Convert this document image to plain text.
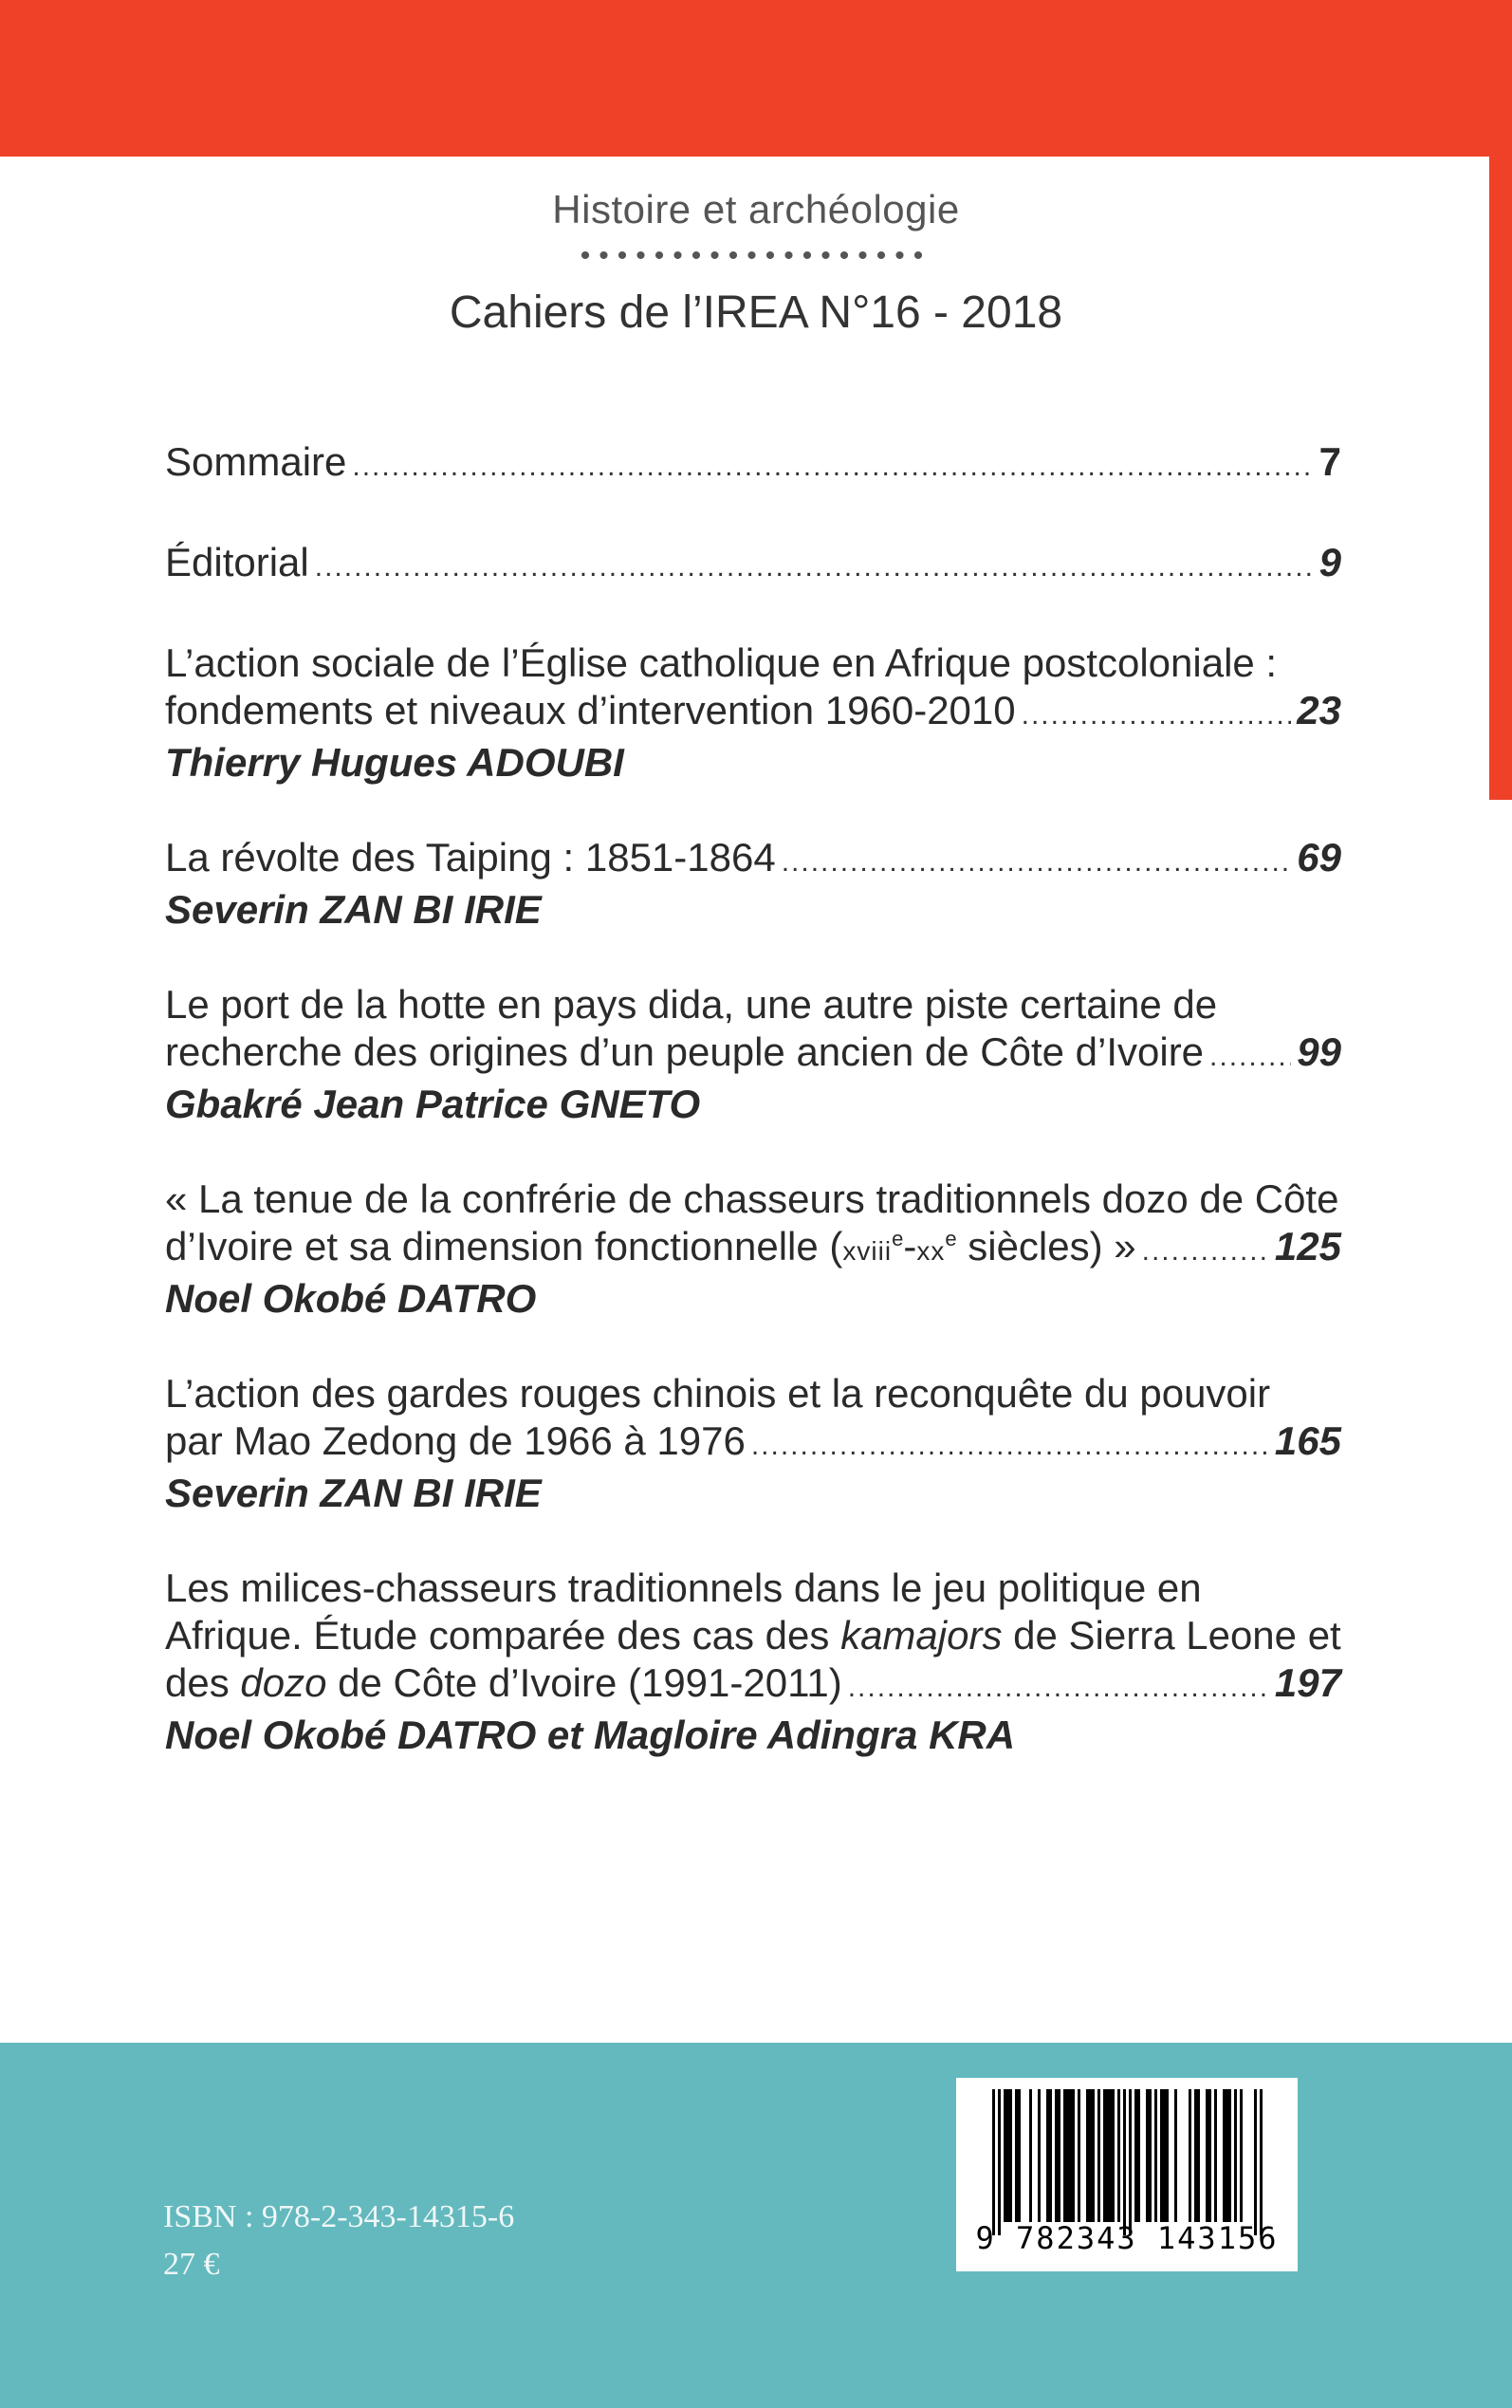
Histoire et archéologie
•••••••••••••••••••
Cahiers de l’IREA N°16 - 2018
Sommaire .....	7
Éditorial .....	9
L’action sociale de l’Église catholique en Afrique postcoloniale :
fondements et niveaux d’intervention 1960-2010 .....	23
Thierry Hugues ADOUBI
La révolte des Taiping : 1851-1864 .....	69
Severin ZAN BI IRIE
Le port de la hotte en pays dida, une autre piste certaine de
recherche des origines d’un peuple ancien de Côte d’Ivoire ..... 99
Gbakré Jean Patrice GNETO
« La tenue de la confrérie de chasseurs traditionnels dozo de Côte
d’Ivoire et sa dimension fonctionnelle ($xviii^e-xx^e$ siècles) » .....	125
Noel Okobé DATRO
L’action des gardes rouges chinois et la reconquête du pouvoir
par Mao Zedong de 1966 à 1976 .....	165
Severin ZAN BI IRIE
Les milices-chasseurs traditionnels dans le jeu politique en
Afrique. Étude comparée des cas des kamajors de Sierra Leone et
des dozo de Côte d’Ivoire (1991-2011) .....	197
Noel Okobé DATRO et Magloire Adingra KRA
ISBN : 978-2-343-14315-6
27 €
9 782343 143156
